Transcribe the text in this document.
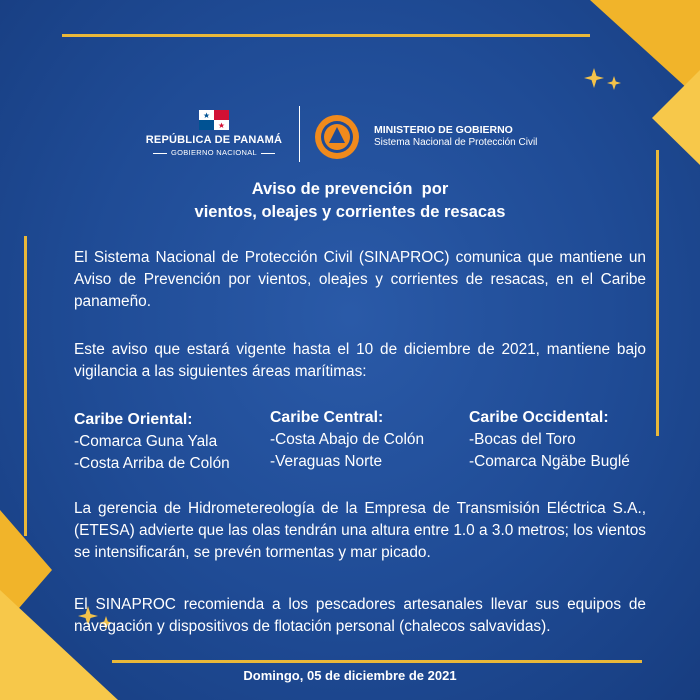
REPÚBLICA DE PANAMÁ
GOBIERNO NACIONAL
MINISTERIO DE GOBIERNO
Sistema Nacional de Protección Civil
Aviso de prevención  por
vientos, oleajes y corrientes de resacas
El Sistema Nacional de Protección Civil (SINAPROC) comunica que mantiene un Aviso de Prevención por vientos, oleajes y corrientes de resacas, en el Caribe panameño.
Este aviso que estará vigente hasta el 10 de diciembre de 2021, mantiene bajo vigilancia a las siguientes áreas marítimas:
Caribe Oriental:
-Comarca Guna Yala
-Costa Arriba de Colón
Caribe Central:
-Costa Abajo de Colón
-Veraguas Norte
Caribe Occidental:
-Bocas del Toro
-Comarca Ngäbe Buglé
La gerencia de Hidrometereología de la Empresa de Transmisión Eléctrica S.A., (ETESA) advierte que las olas tendrán una altura entre 1.0 a 3.0 metros; los vientos se intensificarán, se prevén tormentas y mar picado.
El SINAPROC recomienda a los pescadores artesanales llevar sus equipos de navegación y dispositivos de flotación personal (chalecos salvavidas).
Domingo, 05 de diciembre de 2021
